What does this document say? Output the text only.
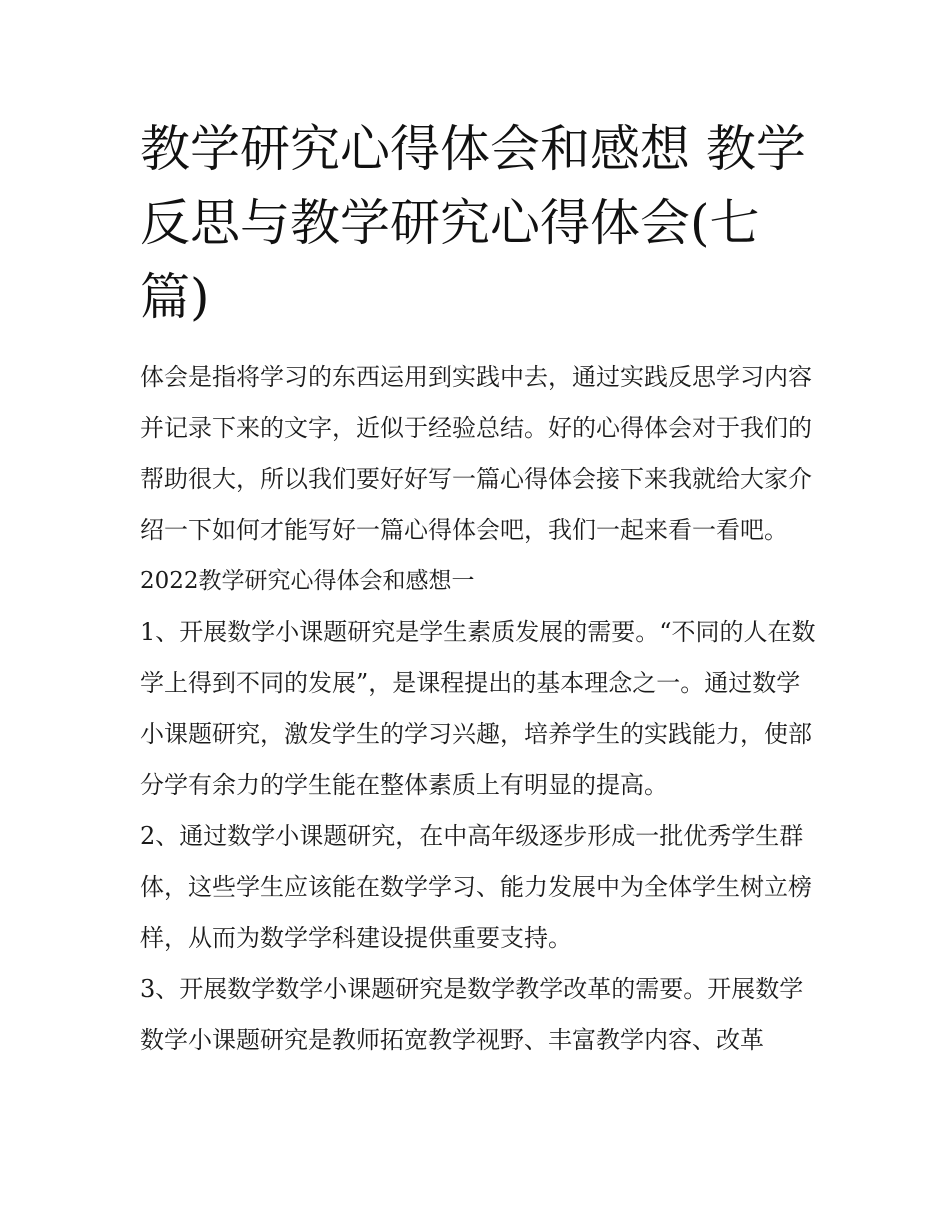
教学研究心得体会和感想 教学反思与教学研究心得体会(七篇)

体会是指将学习的东西运用到实践中去，通过实践反思学习内容并记录下来的文字，近似于经验总结。好的心得体会对于我们的帮助很大，所以我们要好好写一篇心得体会接下来我就给大家介绍一下如何才能写好一篇心得体会吧，我们一起来看一看吧。

2022教学研究心得体会和感想一

1、开展数学小课题研究是学生素质发展的需要。“不同的人在数学上得到不同的发展”，是课程提出的基本理念之一。通过数学小课题研究，激发学生的学习兴趣，培养学生的实践能力，使部分学有余力的学生能在整体素质上有明显的提高。

2、通过数学小课题研究，在中高年级逐步形成一批优秀学生群体，这些学生应该能在数学学习、能力发展中为全体学生树立榜样，从而为数学学科建设提供重要支持。

3、开展数学数学小课题研究是数学教学改革的需要。开展数学数学小课题研究是教师拓宽教学视野、丰富教学内容、改革
